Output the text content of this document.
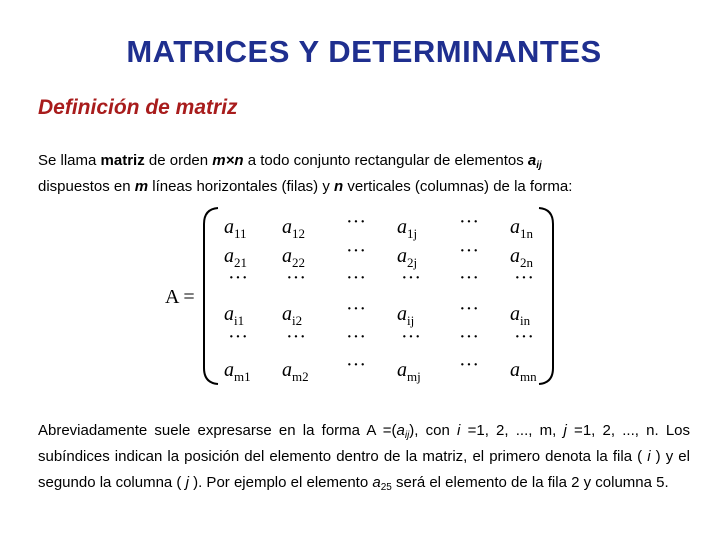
MATRICES Y DETERMINANTES
Definición de matriz
Se llama matriz de orden m×n a todo conjunto rectangular de elementos $a_{ij}$
dispuestos en m líneas horizontales (filas) y n verticales (columnas) de la forma:
A =
$a_{11}$ $a_{12}$
··· $a_{1j}$
··· $a_{1n}$
$a_{21}$ $a_{22}$
··· $a_{2j}$
··· $a_{2n}$
··· ··· ··· ··· ··· ···
$a_{i1}$ $a_{i2}$
··· $a_{ij}$
··· $a_{in}$
··· ··· ··· ··· ··· ···
$a_{m1}$ $a_{m2}$
··· $a_{mj}$
··· $a_{mn}$
Abreviadamente suele expresarse en la forma $A =(a_{ij})$, con i =1, 2, ..., m, j =1, 2, ..., n. Los subíndices indican la posición del elemento dentro de la matriz, el primero denota la fila ( i ) y el segundo la columna ( j ). Por ejemplo el elemento $a_{25}$ será el elemento de la fila 2 y columna 5.
